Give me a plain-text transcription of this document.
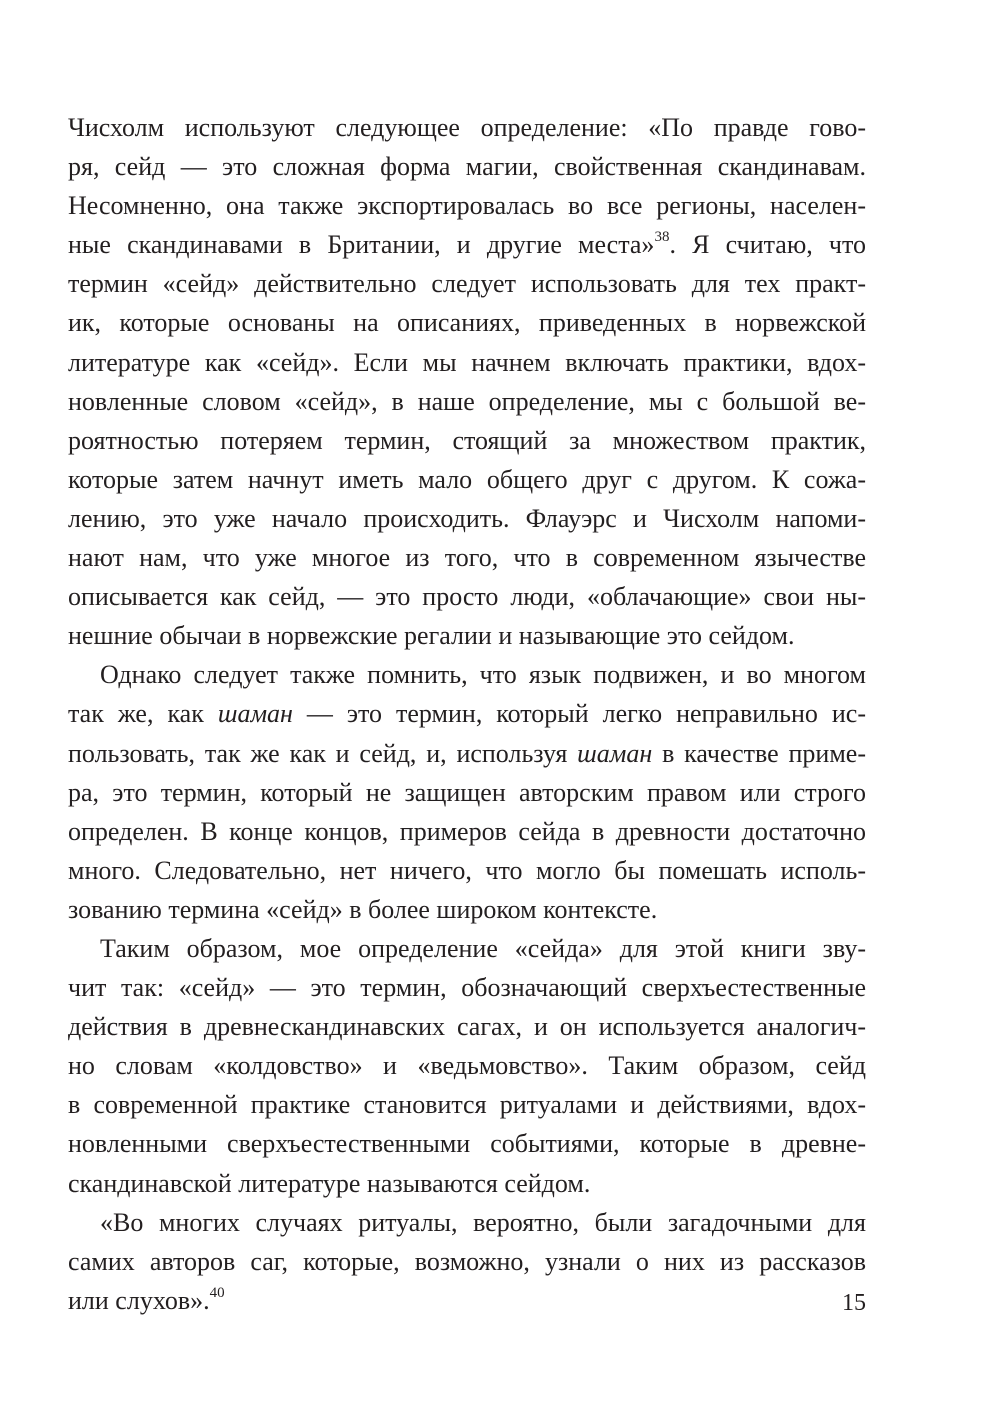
Чисхолм используют следующее определение: «По правде гово-
ря, сейд — это сложная форма магии, свойственная скандинавам.
Несомненно, она также экспортировалась во все регионы, населен-
ные скандинавами в Британии, и другие места»$^{38}$. Я считаю, что
термин «сейд» действительно следует использовать для тех практ-
ик, которые основаны на описаниях, приведенных в норвежской
литературе как «сейд». Если мы начнем включать практики, вдох-
новленные словом «сейд», в наше определение, мы с большой ве-
роятностью потеряем термин, стоящий за множеством практик,
которые затем начнут иметь мало общего друг с другом. К сожа-
лению, это уже начало происходить. Флауэрс и Чисхолм напоми-
нают нам, что уже многое из того, что в современном язычестве
описывается как сейд, — это просто люди, «облачающие» свои ны-
нешние обычаи в норвежские регалии и называющие это сейдом.
Однако следует также помнить, что язык подвижен, и во многом
так же, как шаман — это термин, который легко неправильно ис-
пользовать, так же как и сейд, и, используя шаман в качестве приме-
ра, это термин, который не защищен авторским правом или строго
определен. В конце концов, примеров сейда в древности достаточно
много. Следовательно, нет ничего, что могло бы помешать исполь-
зованию термина «сейд» в более широком контексте.
Таким образом, мое определение «сейда» для этой книги зву-
чит так: «сейд» — это термин, обозначающий сверхъестественные
действия в древнескандинавских сагах, и он используется аналогич-
но словам «колдовство» и «ведьмовство». Таким образом, сейд
в современной практике становится ритуалами и действиями, вдох-
новленными сверхъестественными событиями, которые в древне-
скандинавской литературе называются сейдом.
«Во многих случаях ритуалы, вероятно, были загадочными для
самих авторов саг, которые, возможно, узнали о них из рассказов
или слухов».$^{40}$	15
